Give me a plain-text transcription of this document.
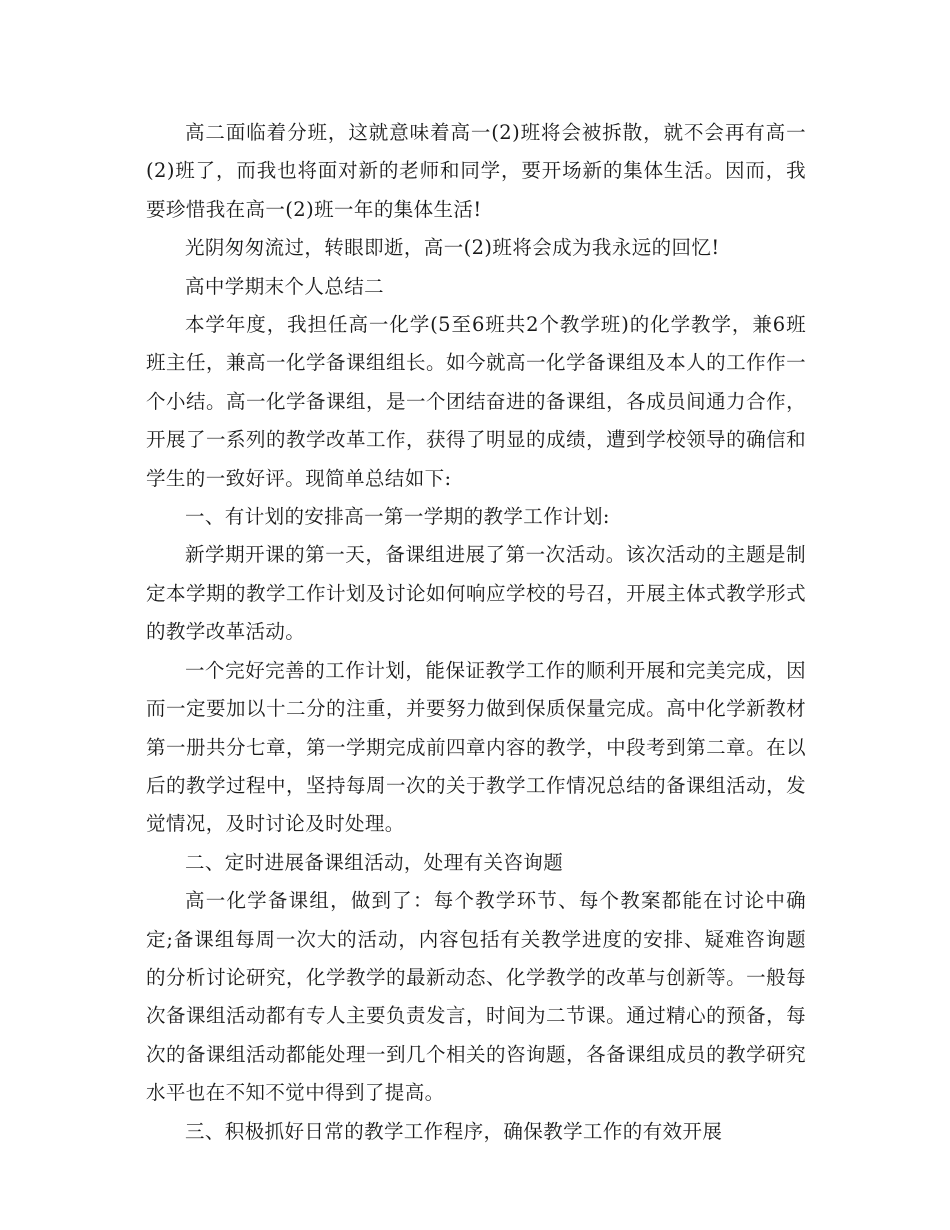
高二面临着分班，这就意味着高一(2)班将会被拆散，就不会再有高一(2)班了，而我也将面对新的老师和同学，要开场新的集体生活。因而，我要珍惜我在高一(2)班一年的集体生活!

光阴匆匆流过，转眼即逝，高一(2)班将会成为我永远的回忆!

高中学期末个人总结二

本学年度，我担任高一化学(5至6班共2个教学班)的化学教学，兼6班班主任，兼高一化学备课组组长。如今就高一化学备课组及本人的工作作一个小结。高一化学备课组，是一个团结奋进的备课组，各成员间通力合作，开展了一系列的教学改革工作，获得了明显的成绩，遭到学校领导的确信和学生的一致好评。现简单总结如下:

一、有计划的安排高一第一学期的教学工作计划:

新学期开课的第一天，备课组进展了第一次活动。该次活动的主题是制定本学期的教学工作计划及讨论如何响应学校的号召，开展主体式教学形式的教学改革活动。

一个完好完善的工作计划，能保证教学工作的顺利开展和完美完成，因而一定要加以十二分的注重，并要努力做到保质保量完成。高中化学新教材第一册共分七章，第一学期完成前四章内容的教学，中段考到第二章。在以后的教学过程中，坚持每周一次的关于教学工作情况总结的备课组活动，发觉情况，及时讨论及时处理。

二、定时进展备课组活动，处理有关咨询题

高一化学备课组，做到了：每个教学环节、每个教案都能在讨论中确定;备课组每周一次大的活动，内容包括有关教学进度的安排、疑难咨询题的分析讨论研究，化学教学的最新动态、化学教学的改革与创新等。一般每次备课组活动都有专人主要负责发言，时间为二节课。通过精心的预备，每次的备课组活动都能处理一到几个相关的咨询题，各备课组成员的教学研究水平也在不知不觉中得到了提高。

三、积极抓好日常的教学工作程序，确保教学工作的有效开展
